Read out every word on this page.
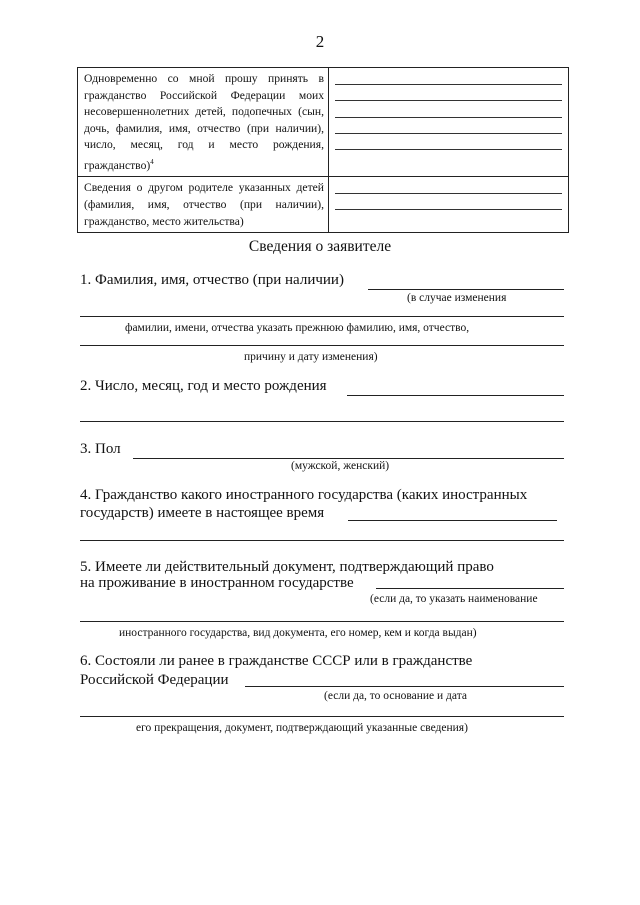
2
Одновременно со мной прошу принять в гражданство Российской Федерации моих несовершеннолетних детей, подопечных (сын, дочь, фамилия, имя, отчество (при наличии), число, месяц, год и место рождения, гражданство)$^4$	

Сведения о другом родителе указанных детей (фамилия, имя, отчество (при наличии), гражданство, место жительства)	
Сведения о заявителе
1. Фамилия, имя, отчество (при наличии)
(в случае изменения
фамилии, имени, отчества указать прежнюю фамилию, имя, отчество,
причину и дату изменения)
2. Число, месяц, год и место рождения
3. Пол
(мужской, женский)
4. Гражданство какого иностранного государства (каких иностранных
государств) имеете в настоящее время
5. Имеете ли действительный документ, подтверждающий право
на проживание в иностранном государстве
(если да, то указать наименование
иностранного государства, вид документа, его номер, кем и когда выдан)
6. Состояли ли ранее в гражданстве СССР или в гражданстве
Российской Федерации
(если да, то основание и дата
его прекращения, документ, подтверждающий указанные сведения)
